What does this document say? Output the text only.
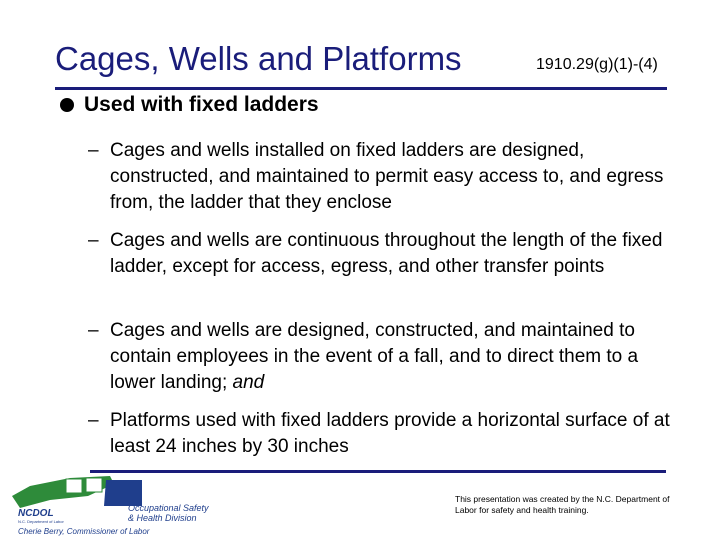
Cages, Wells and Platforms	1910.29(g)(1)-(4)
Used with fixed ladders
– Cages and wells installed on fixed ladders are designed, constructed, and maintained to permit easy access to, and egress from, the ladder that they enclose
– Cages and wells are continuous throughout the length of the fixed ladder, except for access, egress, and other transfer points
– Cages and wells are designed, constructed, and maintained to contain employees in the event of a fall, and to direct them to a lower landing; and
– Platforms used with fixed ladders provide a horizontal surface of at least 24 inches by 30 inches
NCDOL
N.C. Department of Labor
Occupational Safety
& Health Division
Cherie Berry, Commissioner of Labor
This presentation was created by the N.C. Department of Labor for safety and health training.
